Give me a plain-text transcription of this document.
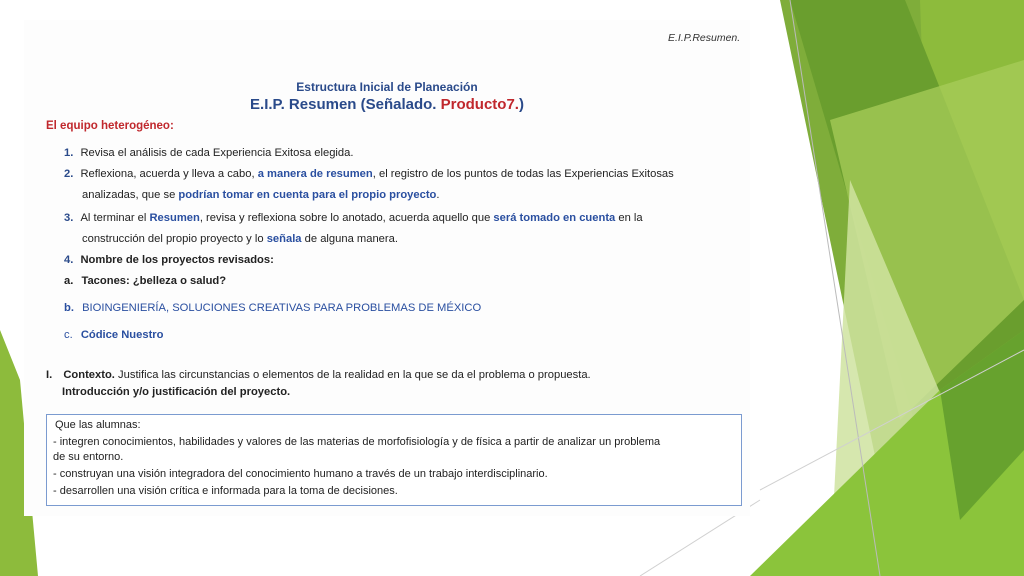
E.I.P.Resumen.
Estructura Inicial de Planeación
E.I.P. Resumen (Señalado. Producto7.)
El equipo heterogéneo:
1. Revisa el análisis de cada Experiencia Exitosa elegida.
2. Reflexiona, acuerda y lleva a cabo, a manera de resumen, el registro de los puntos de todas las Experiencias Exitosas
analizadas, que se podrían tomar en cuenta para el propio proyecto.
3. Al terminar el Resumen, revisa y reflexiona sobre lo anotado, acuerda aquello que será tomado en cuenta en la
construcción del propio proyecto y lo señala de alguna manera.
4. Nombre de los proyectos revisados:
a. Tacones: ¿belleza o salud?
b. BIOINGENIERÍA, SOLUCIONES CREATIVAS PARA PROBLEMAS DE MÉXICO
c. Códice Nuestro
I. Contexto. Justifica las circunstancias o elementos de la realidad en la que se da el problema o propuesta.
Introducción y/o justificación del proyecto.
Que las alumnas:
- integren conocimientos, habilidades y valores de las materias de morfofisiología y de física a partir de analizar un problema
de su entorno.
- construyan una visión integradora del conocimiento humano a través de un trabajo interdisciplinario.
- desarrollen una visión crítica e informada para la toma de decisiones.
